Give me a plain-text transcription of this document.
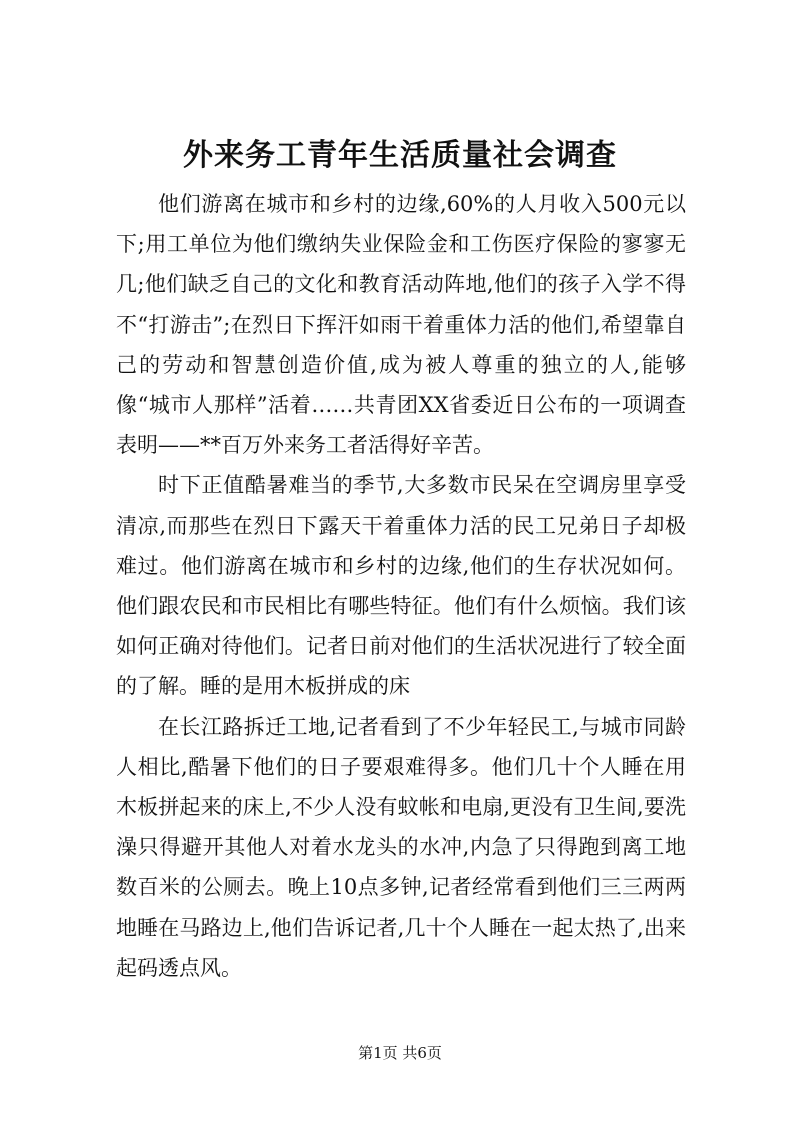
外来务工青年生活质量社会调查

他们游离在城市和乡村的边缘,60%的人月收入500元以下;用工单位为他们缴纳失业保险金和工伤医疗保险的寥寥无几;他们缺乏自己的文化和教育活动阵地,他们的孩子入学不得不“打游击”;在烈日下挥汗如雨干着重体力活的他们,希望靠自己的劳动和智慧创造价值,成为被人尊重的独立的人,能够像“城市人那样”活着……共青团XX省委近日公布的一项调查表明——**百万外来务工者活得好辛苦。

时下正值酷暑难当的季节,大多数市民呆在空调房里享受清凉,而那些在烈日下露天干着重体力活的民工兄弟日子却极难过。他们游离在城市和乡村的边缘,他们的生存状况如何。他们跟农民和市民相比有哪些特征。他们有什么烦恼。我们该如何正确对待他们。记者日前对他们的生活状况进行了较全面的了解。睡的是用木板拼成的床

在长江路拆迁工地,记者看到了不少年轻民工,与城市同龄人相比,酷暑下他们的日子要艰难得多。他们几十个人睡在用木板拼起来的床上,不少人没有蚊帐和电扇,更没有卫生间,要洗澡只得避开其他人对着水龙头的水冲,内急了只得跑到离工地数百米的公厕去。晚上10点多钟,记者经常看到他们三三两两地睡在马路边上,他们告诉记者,几十个人睡在一起太热了,出来起码透点风。

第1页 共6页
